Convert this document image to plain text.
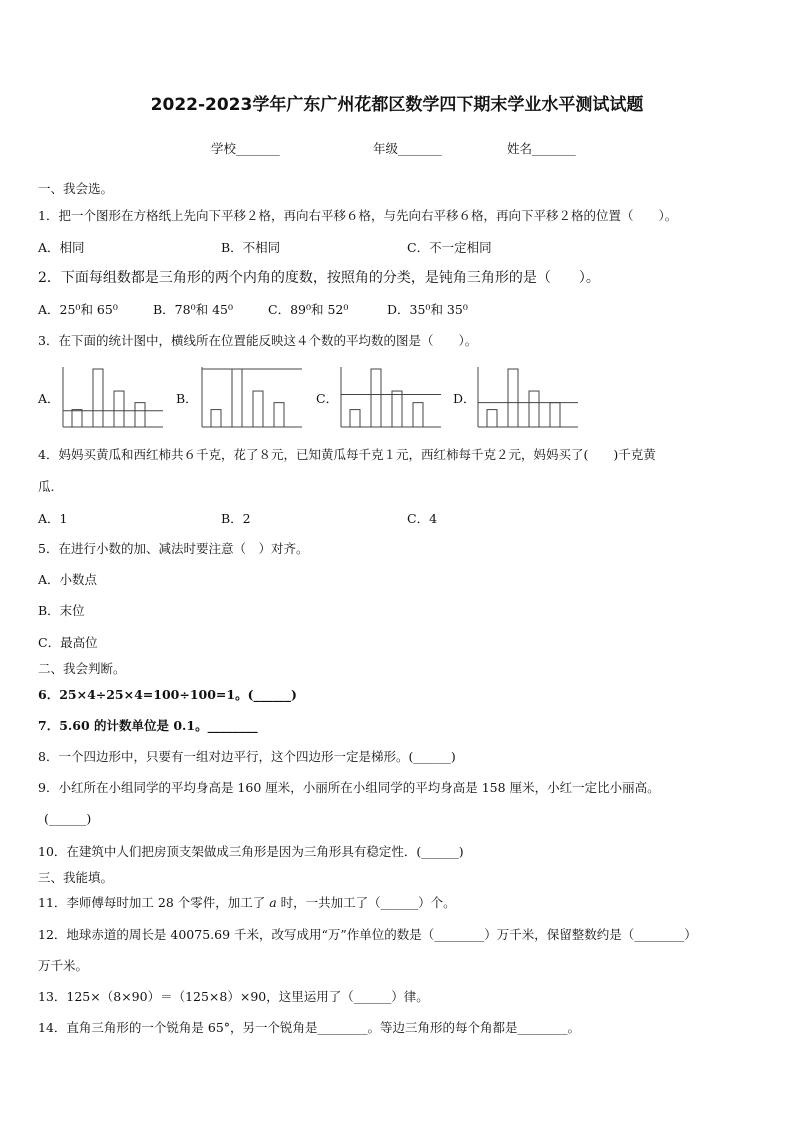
2022-2023学年广东广州花都区数学四下期末学业水平测试试题
学校_______	年级_______	姓名_______
一、我会选。
1．把一个图形在方格纸上先向下平移２格，再向右平移６格，与先向右平移６格，再向下平移２格的位置（　　）。
A．相同	B．不相同	C．不一定相同
2．下面每组数都是三角形的两个内角的度数，按照角的分类，是钝角三角形的是（　　）。
A．25⁰和 65⁰	B．78⁰和 45⁰	C．89⁰和 52⁰	D．35⁰和 35⁰
3．在下面的统计图中，横线所在位置能反映这４个数的平均数的图是（　　）。
A．	B．	C．	D．
4．妈妈买黄瓜和西红柿共６千克，花了８元，已知黄瓜每千克１元，西红柿每千克２元，妈妈买了(　　)千克黄
瓜.
A．1	B．2	C．4
5．在进行小数的加、减法时要注意（　）对齐。
A．小数点
B．末位
C．最高位
二、我会判断。
6．25×4÷25×4=100÷100=1。(______)
7．5.60 的计数单位是 0.1。________
8．一个四边形中，只要有一组对边平行，这个四边形一定是梯形。(______)
9．小红所在小组同学的平均身高是 160 厘米，小丽所在小组同学的平均身高是 158 厘米，小红一定比小丽高。
(______)
10．在建筑中人们把房顶支架做成三角形是因为三角形具有稳定性．(______)
三、我能填。
11．李师傅每时加工 28 个零件，加工了 𝑎 时，一共加工了（______）个。
12．地球赤道的周长是 40075.69 千米，改写成用“万”作单位的数是（________）万千米，保留整数约是（________）
万千米。
13．125×（8×90）＝（125×8）×90，这里运用了（______）律。
14．直角三角形的一个锐角是 65°，另一个锐角是________。等边三角形的每个角都是________。
